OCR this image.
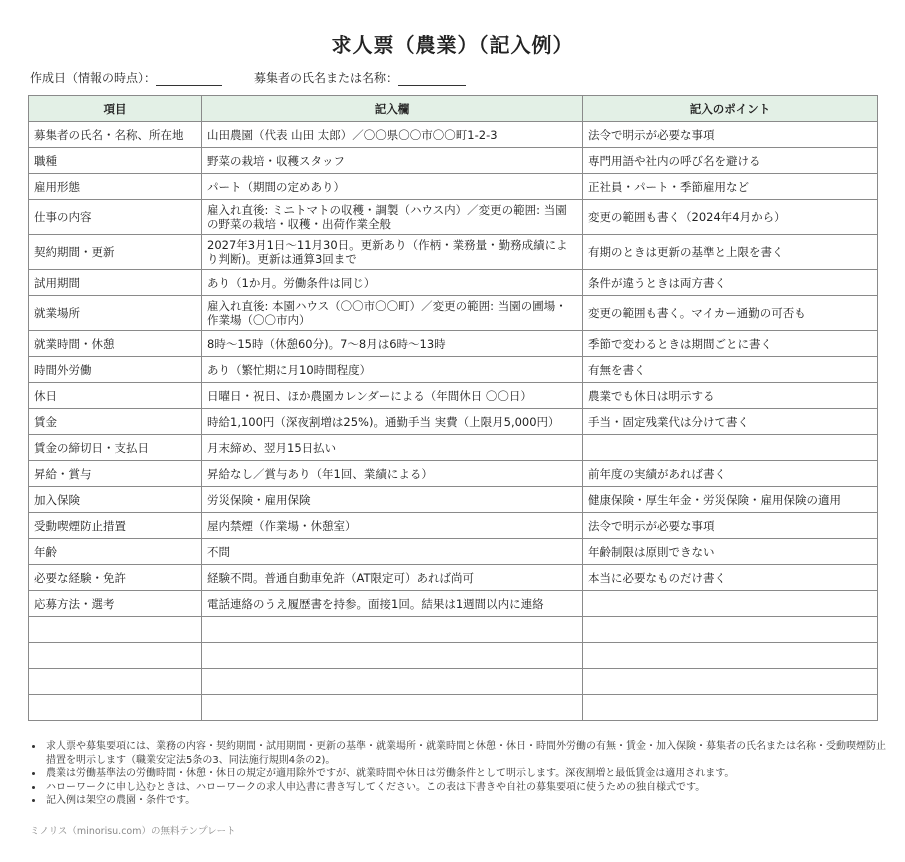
求人票（農業）（記入例）
作成日（情報の時点）：	募集者の氏名または名称：
項目	記入欄	記入のポイント
募集者の氏名・名称、所在地	山田農園（代表 山田 太郎）／〇〇県〇〇市〇〇町1-2-3	法令で明示が必要な事項
職種	野菜の栽培・収穫スタッフ	専門用語や社内の呼び名を避ける
雇用形態	パート（期間の定めあり）	正社員・パート・季節雇用など
仕事の内容	雇入れ直後: ミニトマトの収穫・調製（ハウス内）／変更の範囲: 当園の野菜の栽培・収穫・出荷作業全般	変更の範囲も書く（2024年4月から）
契約期間・更新	2027年3月1日〜11月30日。更新あり（作柄・業務量・勤務成績により判断)。更新は通算3回まで	有期のときは更新の基準と上限を書く
試用期間	あり（1か月。労働条件は同じ）	条件が違うときは両方書く
就業場所	雇入れ直後: 本園ハウス（〇〇市〇〇町）／変更の範囲: 当園の圃場・作業場（〇〇市内）	変更の範囲も書く。マイカー通勤の可否も
就業時間・休憩	8時〜15時（休憩60分)。7〜8月は6時〜13時	季節で変わるときは期間ごとに書く
時間外労働	あり（繁忙期に月10時間程度）	有無を書く
休日	日曜日・祝日、ほか農園カレンダーによる（年間休日 〇〇日）	農業でも休日は明示する
賃金	時給1,100円（深夜割増は25%)。通勤手当 実費（上限月5,000円）	手当・固定残業代は分けて書く
賃金の締切日・支払日	月末締め、翌月15日払い	
昇給・賞与	昇給なし／賞与あり（年1回、業績による）	前年度の実績があれば書く
加入保険	労災保険・雇用保険	健康保険・厚生年金・労災保険・雇用保険の適用
受動喫煙防止措置	屋内禁煙（作業場・休憩室）	法令で明示が必要な事項
年齢	不問	年齢制限は原則できない
必要な経験・免許	経験不問。普通自動車免許（AT限定可）あれば尚可	本当に必要なものだけ書く
応募方法・選考	電話連絡のうえ履歴書を持参。面接1回。結果は1週間以内に連絡	

• 求人票や募集要項には、業務の内容・契約期間・試用期間・更新の基準・就業場所・就業時間と休憩・休日・時間外労働の有無・賃金・加入保険・募集者の氏名または名称・受動喫煙防止措置を明示します（職業安定法5条の3、同法施行規則4条の2)。
• 農業は労働基準法の労働時間・休憩・休日の規定が適用除外ですが、就業時間や休日は労働条件として明示します。深夜割増と最低賃金は適用されます。
• ハローワークに申し込むときは、ハローワークの求人申込書に書き写してください。この表は下書きや自社の募集要項に使うための独自様式です。
• 記入例は架空の農園・条件です。
ミノリス（minorisu.com）の無料テンプレート
